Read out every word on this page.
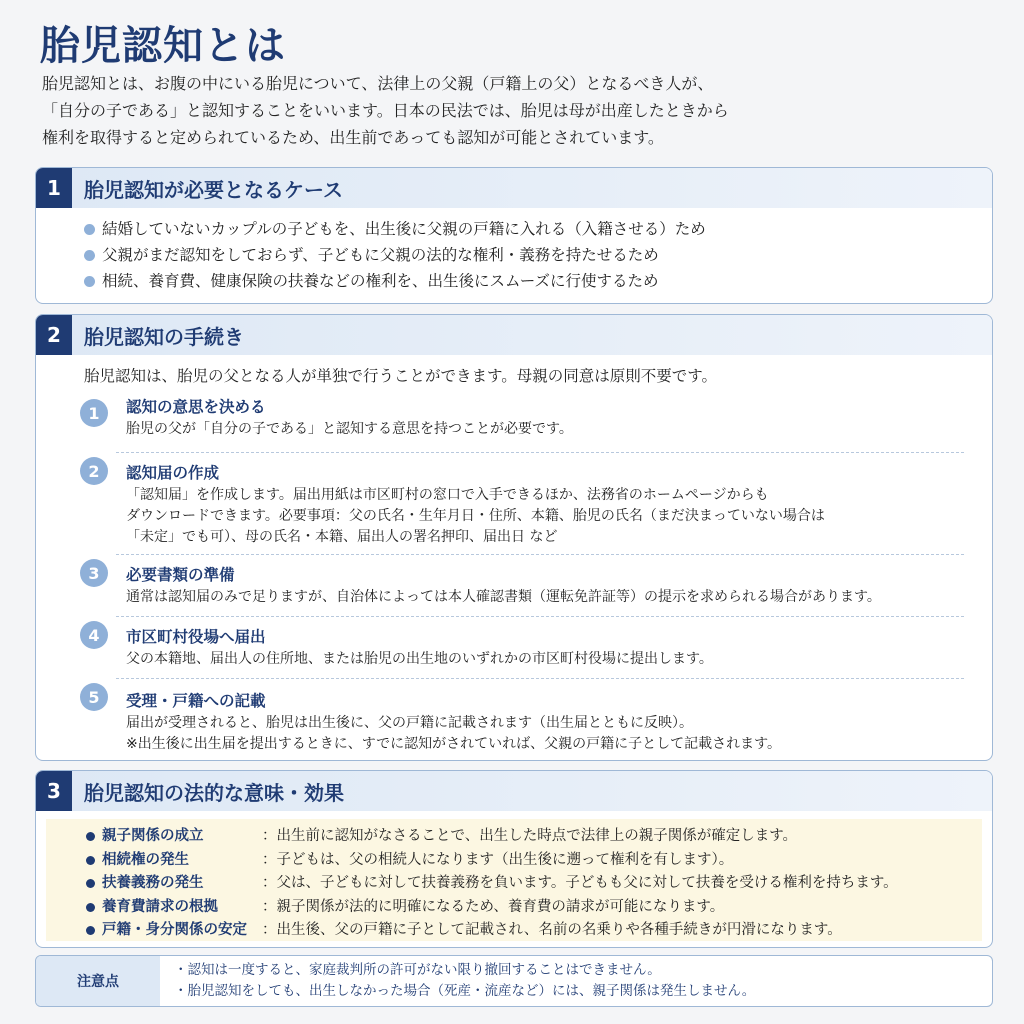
胎児認知とは
胎児認知とは、お腹の中にいる胎児について、法律上の父親（戸籍上の父）となるべき人が、
「自分の子である」と認知することをいいます。日本の民法では、胎児は母が出産したときから
権利を取得すると定められているため、出生前であっても認知が可能とされています。
1	胎児認知が必要となるケース
結婚していないカップルの子どもを、出生後に父親の戸籍に入れる（入籍させる）ため
父親がまだ認知をしておらず、子どもに父親の法的な権利・義務を持たせるため
相続、養育費、健康保険の扶養などの権利を、出生後にスムーズに行使するため
2	胎児認知の手続き
胎児認知は、胎児の父となる人が単独で行うことができます。母親の同意は原則不要です。
1	認知の意思を決める
胎児の父が「自分の子である」と認知する意思を持つことが必要です。
2	認知届の作成
「認知届」を作成します。届出用紙は市区町村の窓口で入手できるほか、法務省のホームページからも
ダウンロードできます。必要事項：父の氏名・生年月日・住所、本籍、胎児の氏名（まだ決まっていない場合は
「未定」でも可）、母の氏名・本籍、届出人の署名押印、届出日 など
3	必要書類の準備
通常は認知届のみで足りますが、自治体によっては本人確認書類（運転免許証等）の提示を求められる場合があります。
4	市区町村役場へ届出
父の本籍地、届出人の住所地、または胎児の出生地のいずれかの市区町村役場に提出します。
5	受理・戸籍への記載
届出が受理されると、胎児は出生後に、父の戸籍に記載されます（出生届とともに反映）。
※出生後に出生届を提出するときに、すでに認知がされていれば、父親の戸籍に子として記載されます。
3	胎児認知の法的な意味・効果
親子関係の成立	：出生前に認知がなさることで、出生した時点で法律上の親子関係が確定します。
相続権の発生	：子どもは、父の相続人になります（出生後に遡って権利を有します）。
扶養義務の発生	：父は、子どもに対して扶養義務を負います。子どもも父に対して扶養を受ける権利を持ちます。
養育費請求の根拠	：親子関係が法的に明確になるため、養育費の請求が可能になります。
戸籍・身分関係の安定	：出生後、父の戸籍に子として記載され、名前の名乗りや各種手続きが円滑になります。
注意点
・認知は一度すると、家庭裁判所の許可がない限り撤回することはできません。
・胎児認知をしても、出生しなかった場合（死産・流産など）には、親子関係は発生しません。
